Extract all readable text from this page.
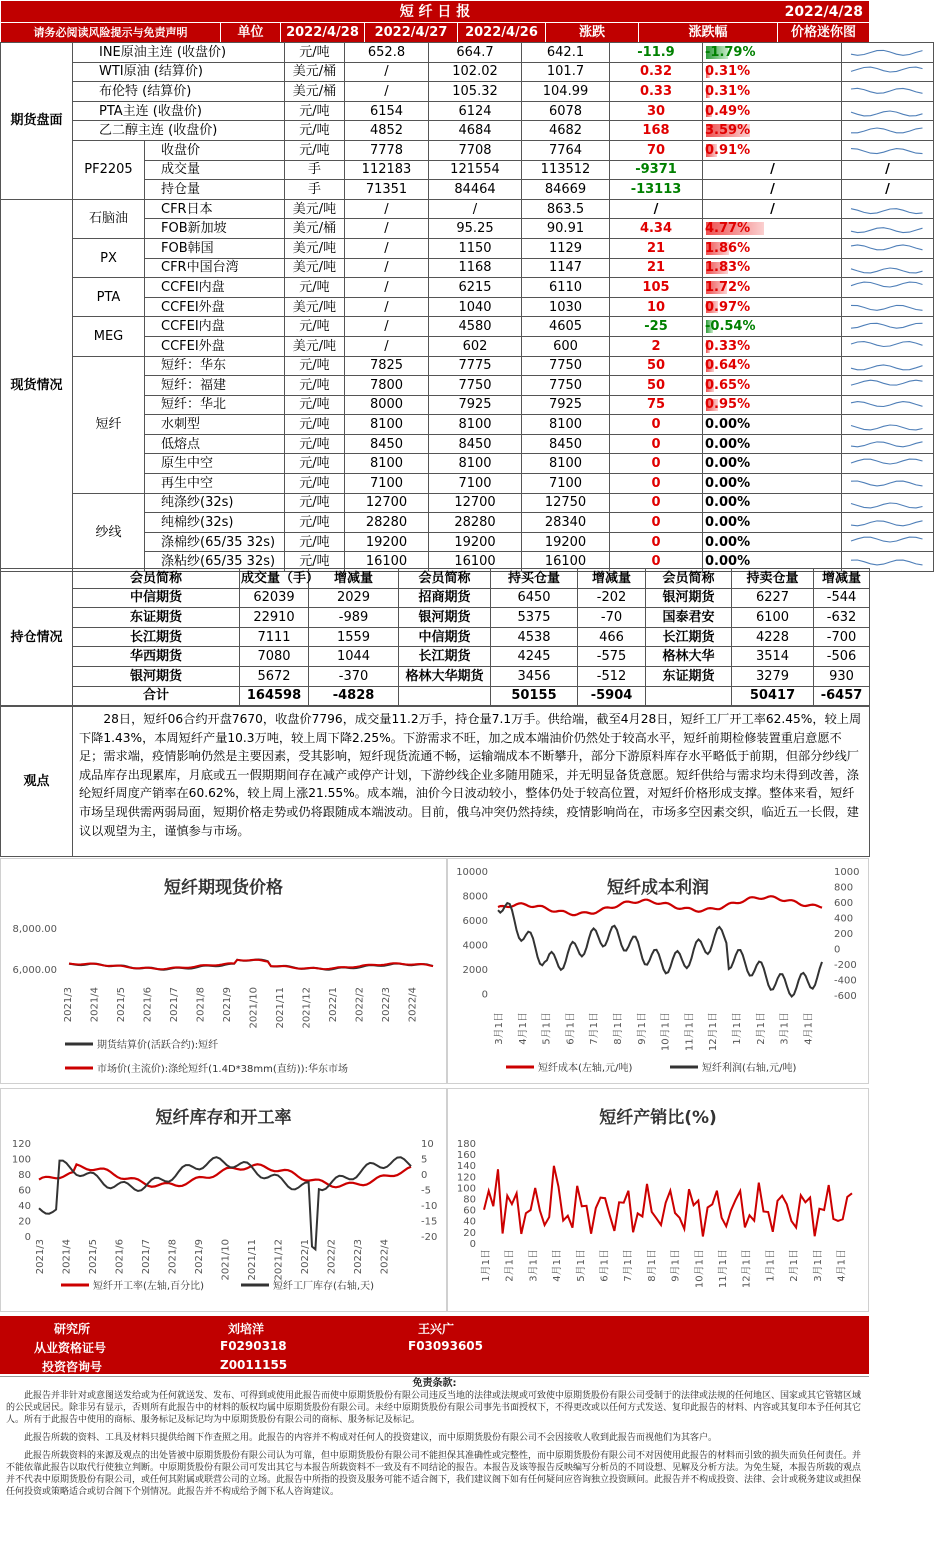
短 纤 日 报	2022/4/28
请务必阅读风险提示与免责声明	单位	2022/4/28	2022/4/27	2022/4/26	涨跌	涨跌幅	价格迷你图
期货盘面	INE原油主连 (收盘价)		元/吨	652.8	664.7	642.1	-11.9	-1.79%	

	WTI原油 (结算价)		美元/桶	/	102.02	101.7	0.32	0.31%	

	布伦特 (结算价)		美元/桶	/	105.32	104.99	0.33	0.31%	

	PTA主连 (收盘价)		元/吨	6154	6124	6078	30	0.49%	

	乙二醇主连 (收盘价)		元/吨	4852	4684	4682	168	3.59%	

	PF2205	收盘价	元/吨	7778	7708	7764	70	0.91%	

		成交量	手	112183	121554	113512	-9371	/	/
		持仓量	手	71351	84464	84669	-13113	/	/
现货情况	石脑油	CFR日本	美元/吨	/	/	863.5	/	/	

		FOB新加坡	美元/桶	/	95.25	90.91	4.34	4.77%	

	PX	FOB韩国	美元/吨	/	1150	1129	21	1.86%	

		CFR中国台湾	美元/吨	/	1168	1147	21	1.83%	

	PTA	CCFEI内盘	元/吨	/	6215	6110	105	1.72%	

		CCFEI外盘	美元/吨	/	1040	1030	10	0.97%	

	MEG	CCFEI内盘	元/吨	/	4580	4605	-25	-0.54%	

		CCFEI外盘	美元/吨	/	602	600	2	0.33%	

	短纤	短纤：华东	元/吨	7825	7775	7750	50	0.64%	

		短纤：福建	元/吨	7800	7750	7750	50	0.65%	

		短纤：华北	元/吨	8000	7925	7925	75	0.95%	

		水刺型	元/吨	8100	8100	8100	0	0.00%	

		低熔点	元/吨	8450	8450	8450	0	0.00%	

		原生中空	元/吨	8100	8100	8100	0	0.00%	

		再生中空	元/吨	7100	7100	7100	0	0.00%	

	纱线	纯涤纱(32s)	元/吨	12700	12700	12750	0	0.00%	

		纯棉纱(32s)	元/吨	28280	28280	28340	0	0.00%	

		涤棉纱(65/35 32s)	元/吨	19200	19200	19200	0	0.00%	

		涤粘纱(65/35 32s)	元/吨	16100	16100	16100	0	0.00%	
持仓情况	会员简称	成交量（手）	增减量	会员简称	持买仓量	增减量	会员简称	持卖仓量	增减量
	中信期货	62039	2029	招商期货	6450	-202	银河期货	6227	-544
	东证期货	22910	-989	银河期货	5375	-70	国泰君安	6100	-632
	长江期货	7111	1559	中信期货	4538	466	长江期货	4228	-700
	华西期货	7080	1044	长江期货	4245	-575	格林大华	3514	-506
	银河期货	5672	-370	格林大华期货	3456	-512	东证期货	3279	930
	合计	164598	-4828		50155	-5904		50417	-6457
观点	28日，短纤06合约开盘7670，收盘价7796，成交量11.2万手，持仓量7.1万手。供给端，截至4月28日，短纤工厂开工率62.45%，较上周下降1.43%，本周短纤产量10.3万吨，较上周下降2.25%。下游需求不旺，加之成本端油价仍然处于较高水平，短纤前期检修装置重启意愿不足；需求端，疫情影响仍然是主要因素，受其影响，短纤现货流通不畅，运输端成本不断攀升，部分下游原料库存水平略低于前期，但部分纱线厂成品库存出现累库，月底或五一假期期间存在减产或停产计划，下游纱线企业多随用随采，并无明显备货意愿。短纤供给与需求均未得到改善，涤纶短纤周度产销率在60.62%，较上周上涨21.55%。成本端，油价今日波动较小，整体仍处于较高位置，对短纤价格形成支撑。整体来看，短纤市场呈现供需两弱局面，短期价格走势或仍将跟随成本端波动。目前，俄乌冲突仍然持续，疫情影响尚在，市场多空因素交织，临近五一长假，建议以观望为主，谨慎参与市场。
短纤期现货价格
8,000.00
6,000.00
2021/3 2021/4 2021/5 2021/6 2021/7 2021/8 2021/9 2021/10 2021/11 2021/12 2022/1 2022/2 2022/3 2022/4
期货结算价(活跃合约):短纤
市场价(主流价):涤纶短纤(1.4D*38mm(直纺)):华东市场
短纤成本利润
10000
8000
6000
4000
2000
0
1000
800
600
400
200
0
-200
-400
-600
3月1日 4月1日 5月1日 6月1日 7月1日 8月1日 9月1日 10月1日 11月1日 12月1日 1月1日 2月1日 3月1日 4月1日
短纤成本(左轴,元/吨)	短纤利润(右轴,元/吨)
短纤库存和开工率
120
100
80
60
40
20
0
10
5
0
-5
-10
-15
-20
2021/3 2021/4 2021/5 2021/6 2021/7 2021/8 2021/9 2021/10 2021/11 2021/12 2022/1 2022/2 2022/3 2022/4
短纤开工率(左轴,百分比)	短纤工厂库存(右轴,天)
短纤产销比(%)
180
160
140
120
100
80
60
40
20
0
1月1日 2月1日 3月1日 4月1日 5月1日 6月1日 7月1日 8月1日 9月1日 10月1日 11月1日 12月1日 1月1日 2月1日 3月1日 4月1日
研究所	刘培洋	王兴广
从业资格证号	F0290318	F03093605
投资咨询号	Z0011155
免责条款:
此报告并非针对或意图送发给或为任何就送发、发布、可得到或使用此报告而使中原期货股份有限公司违反当地的法律或法规或可致使中原期货股份有限公司受制于的法律或法规的任何地区、国家或其它管辖区域的公民或居民。除非另有显示，否则所有此报告中的材料的版权均属中原期货股份有限公司。未经中原期货股份有限公司事先书面授权下，不得更改或以任何方式发送、复印此报告的材料、内容或其复印本予任何其它人。所有于此报告中使用的商标、服务标记及标记均为中原期货股份有限公司的商标、服务标记及标记。
此报告所载的资料、工具及材料只提供给阁下作查照之用。此报告的内容并不构成对任何人的投资建议，而中原期货股份有限公司不会因接收人收到此报告而视他们为其客户。
此报告所载资料的来源及观点的出处皆被中原期货股份有限公司认为可靠，但中原期货股份有限公司不能担保其准确性或完整性，而中原期货股份有限公司不对因使用此报告的材料而引致的损失而负任何责任。并不能依靠此报告以取代行使独立判断。中原期货股份有限公司可发出其它与本报告所载资料不一致及有不同结论的报告。本报告及该等报告反映编写分析员的不同设想、见解及分析方法。为免生疑，本报告所载的观点并不代表中原期货股份有限公司，或任何其附属或联营公司的立场。此报告中所指的投资及服务可能不适合阁下，我们建议阁下如有任何疑问应咨询独立投资顾问。此报告并不构成投资、法律、会计或税务建议或担保任何投资或策略适合或切合阁下个别情况。此报告并不构成给予阁下私人咨询建议。
